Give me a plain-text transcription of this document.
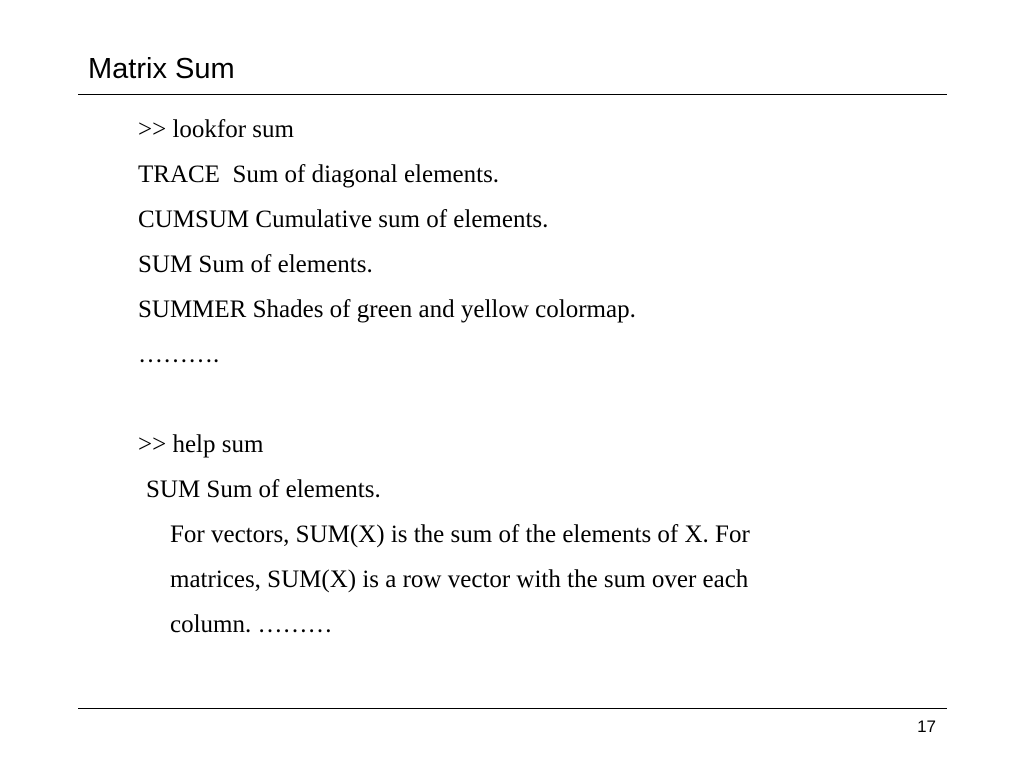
Matrix Sum
>> lookfor sum
TRACE  Sum of diagonal elements.
CUMSUM Cumulative sum of elements.
SUM Sum of elements.
SUMMER Shades of green and yellow colormap.
……….
>> help sum
SUM Sum of elements.
For vectors, SUM(X) is the sum of the elements of X. For
matrices, SUM(X) is a row vector with the sum over each
column. ………
17
